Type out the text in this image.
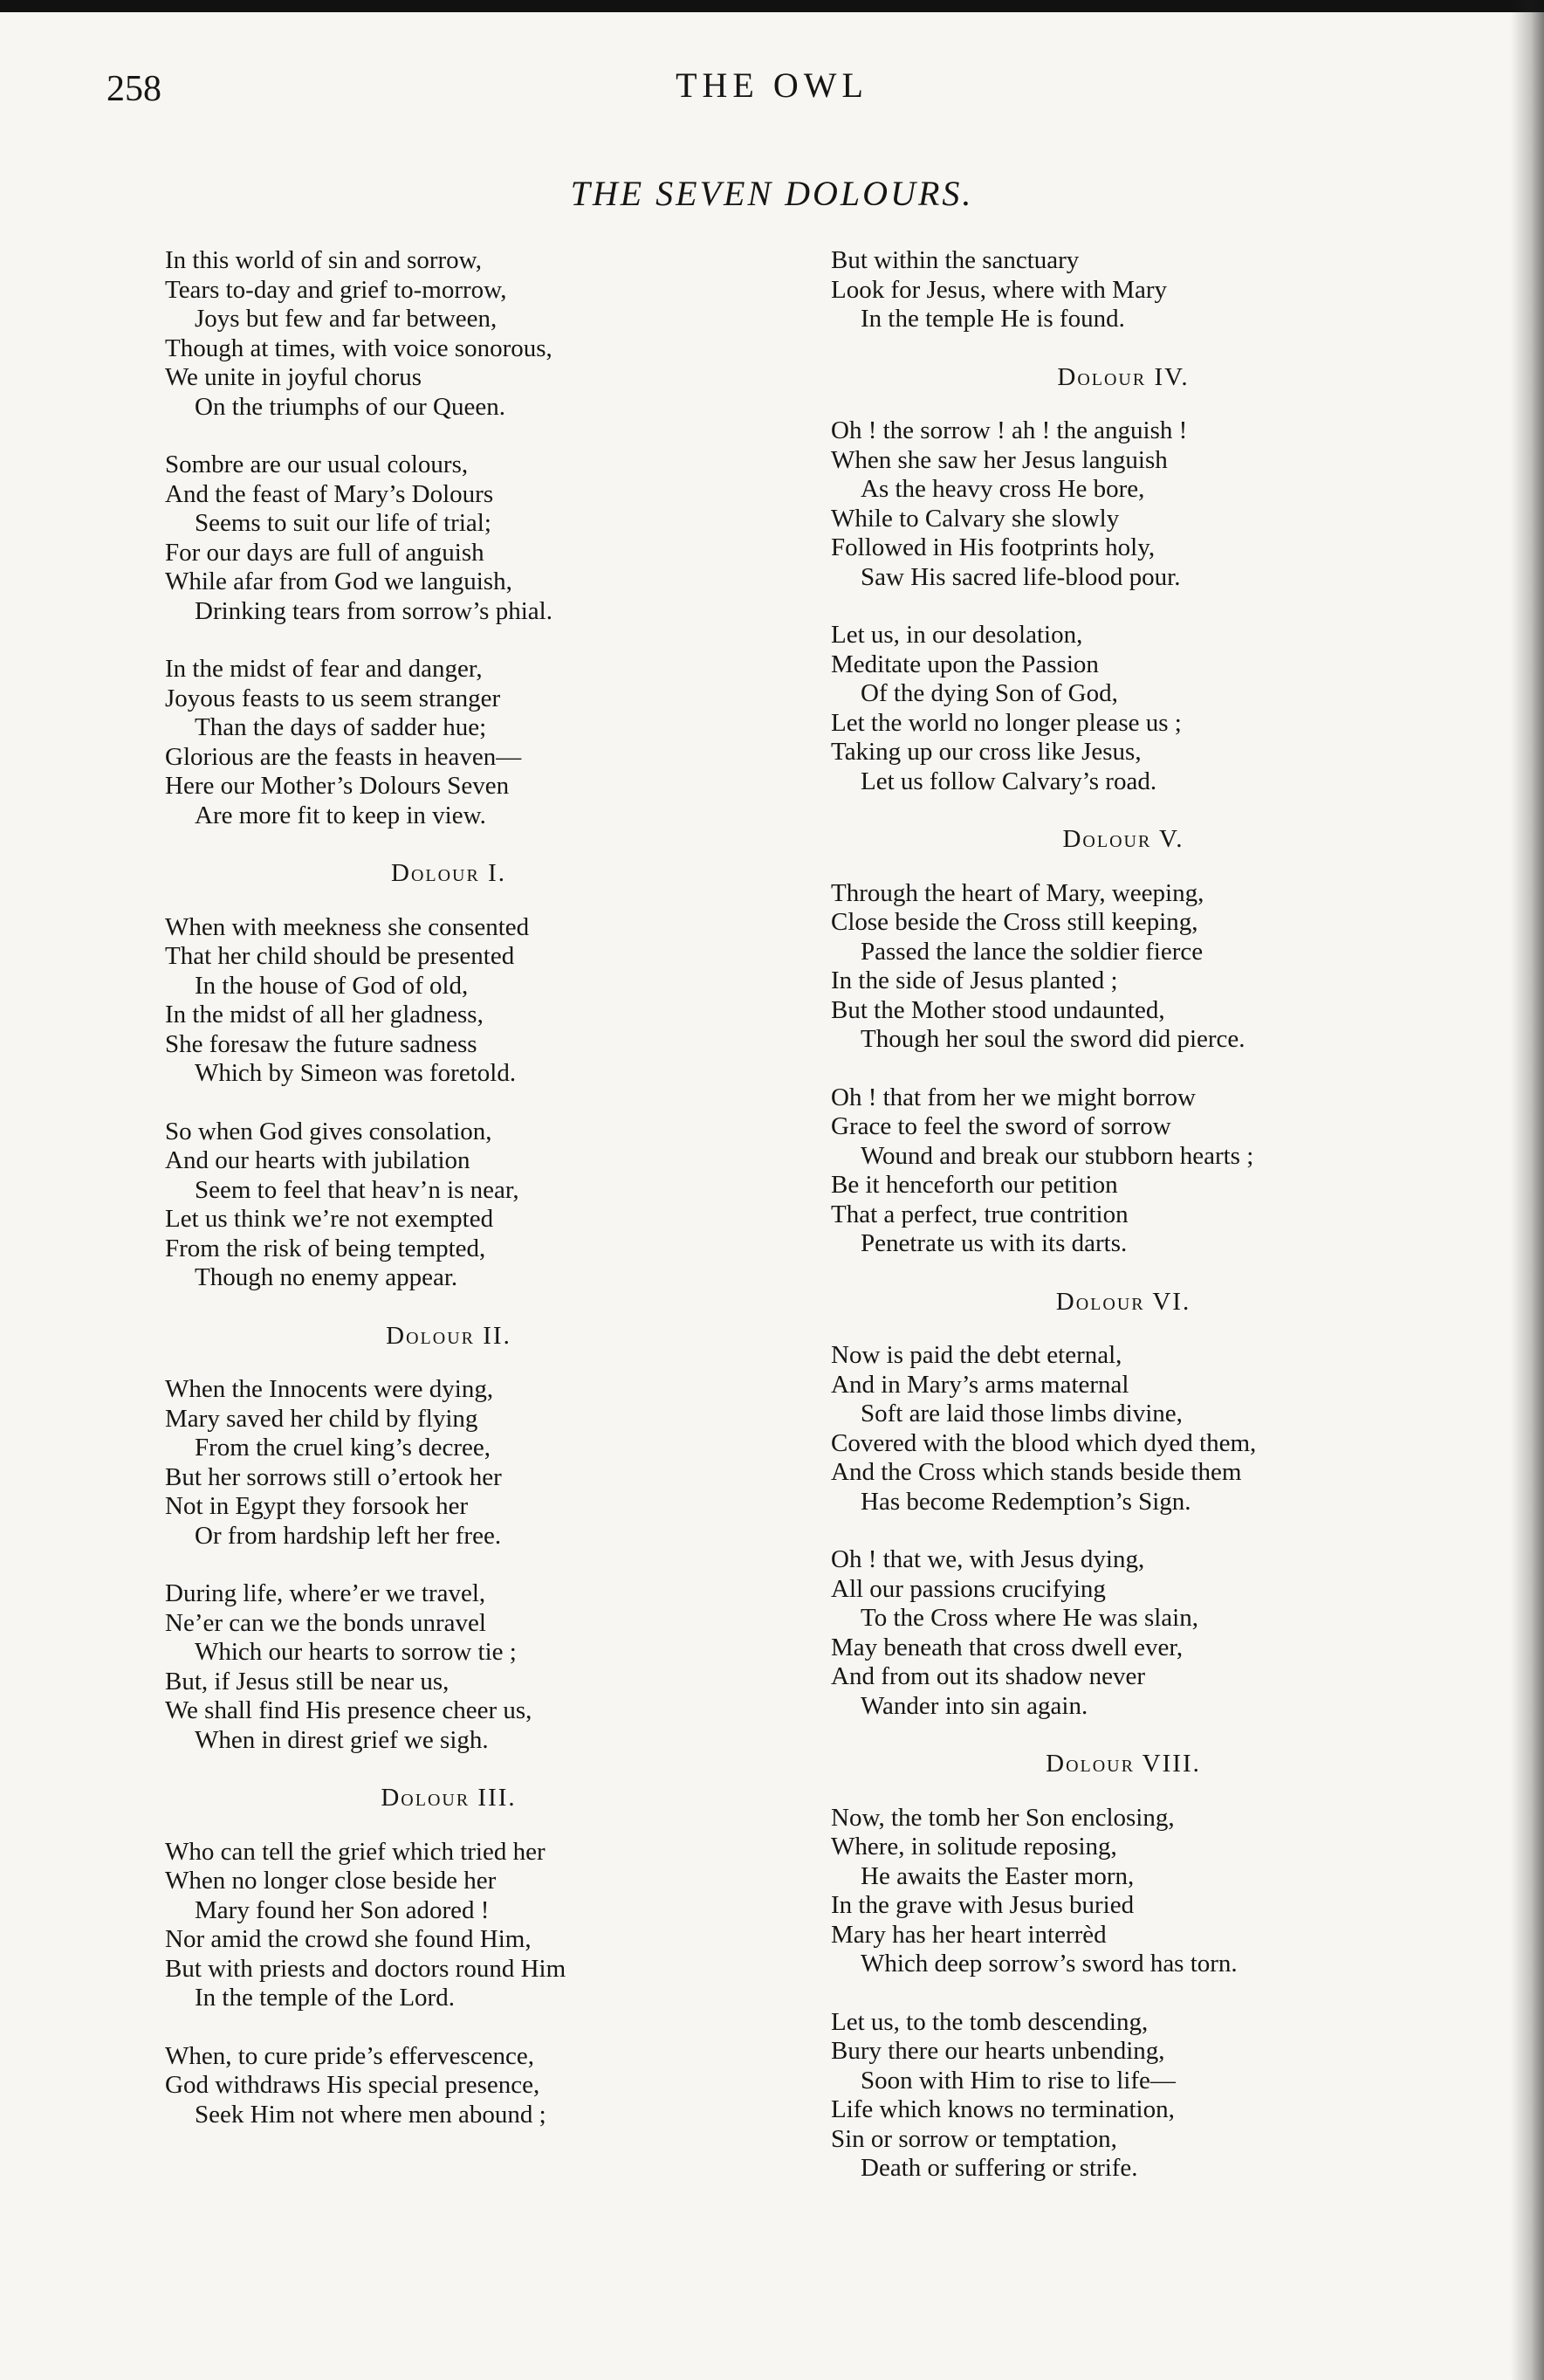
258	THE OWL
THE SEVEN DOLOURS.
In this world of sin and sorrow,
Tears to-day and grief to-morrow,
Joys but few and far between,
Though at times, with voice sonorous,
We unite in joyful chorus
On the triumphs of our Queen.
Sombre are our usual colours,
And the feast of Mary’s Dolours
Seems to suit our life of trial;
For our days are full of anguish
While afar from God we languish,
Drinking tears from sorrow’s phial.
In the midst of fear and danger,
Joyous feasts to us seem stranger
Than the days of sadder hue;
Glorious are the feasts in heaven—
Here our Mother’s Dolours Seven
Are more fit to keep in view.
Dolour I.
When with meekness she consented
That her child should be presented
In the house of God of old,
In the midst of all her gladness,
She foresaw the future sadness
Which by Simeon was foretold.
So when God gives consolation,
And our hearts with jubilation
Seem to feel that heav’n is near,
Let us think we’re not exempted
From the risk of being tempted,
Though no enemy appear.
Dolour II.
When the Innocents were dying,
Mary saved her child by flying
From the cruel king’s decree,
But her sorrows still o’ertook her
Not in Egypt they forsook her
Or from hardship left her free.
During life, where’er we travel,
Ne’er can we the bonds unravel
Which our hearts to sorrow tie ;
But, if Jesus still be near us,
We shall find His presence cheer us,
When in direst grief we sigh.
Dolour III.
Who can tell the grief which tried her
When no longer close beside her
Mary found her Son adored !
Nor amid the crowd she found Him,
But with priests and doctors round Him
In the temple of the Lord.
When, to cure pride’s effervescence,
God withdraws His special presence,
Seek Him not where men abound ;
But within the sanctuary
Look for Jesus, where with Mary
In the temple He is found.
Dolour IV.
Oh ! the sorrow ! ah ! the anguish !
When she saw her Jesus languish
As the heavy cross He bore,
While to Calvary she slowly
Followed in His footprints holy,
Saw His sacred life-blood pour.
Let us, in our desolation,
Meditate upon the Passion
Of the dying Son of God,
Let the world no longer please us ;
Taking up our cross like Jesus,
Let us follow Calvary’s road.
Dolour V.
Through the heart of Mary, weeping,
Close beside the Cross still keeping,
Passed the lance the soldier fierce
In the side of Jesus planted ;
But the Mother stood undaunted,
Though her soul the sword did pierce.
Oh ! that from her we might borrow
Grace to feel the sword of sorrow
Wound and break our stubborn hearts ;
Be it henceforth our petition
That a perfect, true contrition
Penetrate us with its darts.
Dolour VI.
Now is paid the debt eternal,
And in Mary’s arms maternal
Soft are laid those limbs divine,
Covered with the blood which dyed them,
And the Cross which stands beside them
Has become Redemption’s Sign.
Oh ! that we, with Jesus dying,
All our passions crucifying
To the Cross where He was slain,
May beneath that cross dwell ever,
And from out its shadow never
Wander into sin again.
Dolour VIII.
Now, the tomb her Son enclosing,
Where, in solitude reposing,
He awaits the Easter morn,
In the grave with Jesus buried
Mary has her heart interrèd
Which deep sorrow’s sword has torn.
Let us, to the tomb descending,
Bury there our hearts unbending,
Soon with Him to rise to life—
Life which knows no termination,
Sin or sorrow or temptation,
Death or suffering or strife.
